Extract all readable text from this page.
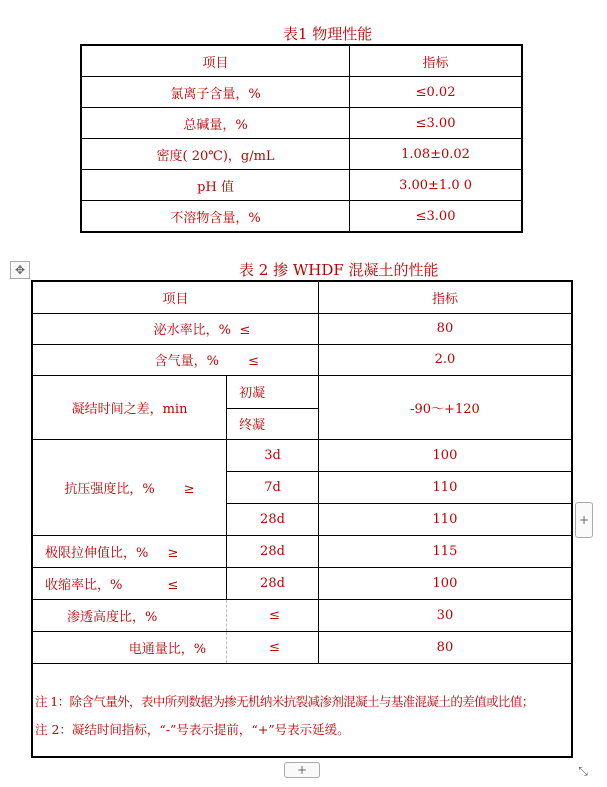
表1 物理性能
项目	指标
氯离子含量，%	≤0.02
总碱量，%	≤3.00
密度( 20℃)，g/mL	1.08±0.02
pH 值	3.00±1.0 0
不溶物含量，%	≤3.00
✥	表 2 掺 WHDF 混凝土的性能
项目		指标
泌水率比，% ≤		80
含气量，% ≤		2.0
凝结时间之差，min	初凝	-90～+120
	终凝	
抗压强度比，% ≥	3d	100
	7d	110
	28d	110
极限拉伸值比，% ≥	28d	115
收缩率比，% ≤	28d	100
渗透高度比，%	≤	30
电通量比，%	≤	80

注 1：除含气量外，表中所列数据为掺无机纳米抗裂减渗剂混凝土与基准混凝土的差值或比值；
注 2：凝结时间指标，“-”号表示提前，“+”号表示延缓。		
+
+	⤡
